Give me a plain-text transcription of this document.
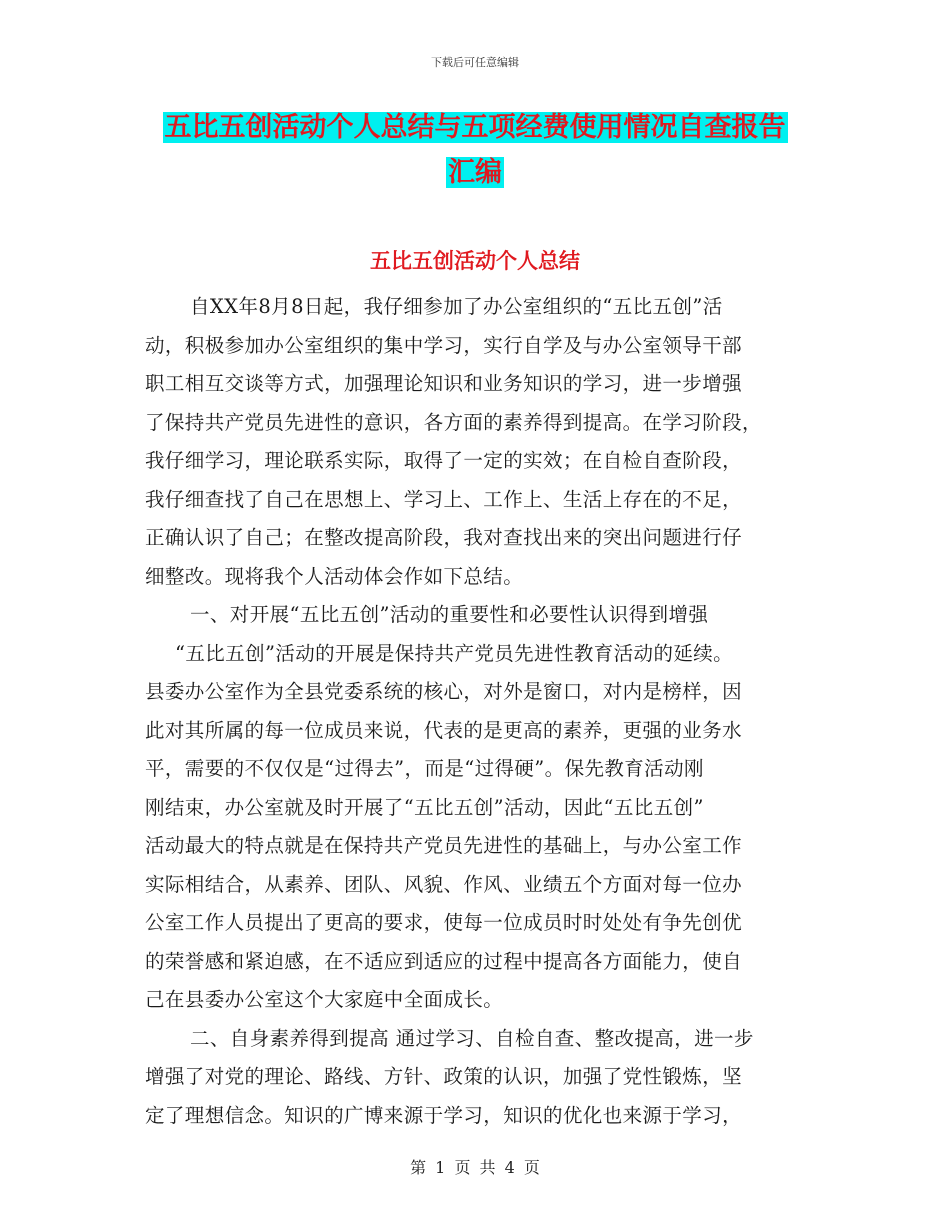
下载后可任意编辑
五比五创活动个人总结与五项经费使用情况自查报告
汇编
五比五创活动个人总结
自XX年8月8日起，我仔细参加了办公室组织的“五比五创”活
动，积极参加办公室组织的集中学习，实行自学及与办公室领导干部
职工相互交谈等方式，加强理论知识和业务知识的学习，进一步增强
了保持共产党员先进性的意识，各方面的素养得到提高。在学习阶段，
我仔细学习，理论联系实际，取得了一定的实效；在自检自查阶段，
我仔细查找了自己在思想上、学习上、工作上、生活上存在的不足，
正确认识了自己；在整改提高阶段，我对查找出来的突出问题进行仔
细整改。现将我个人活动体会作如下总结。
一、对开展“五比五创”活动的重要性和必要性认识得到增强
“五比五创”活动的开展是保持共产党员先进性教育活动的延续。
县委办公室作为全县党委系统的核心，对外是窗口，对内是榜样，因
此对其所属的每一位成员来说，代表的是更高的素养，更强的业务水
平，需要的不仅仅是“过得去”，而是“过得硬”。保先教育活动刚
刚结束，办公室就及时开展了“五比五创”活动，因此“五比五创”
活动最大的特点就是在保持共产党员先进性的基础上，与办公室工作
实际相结合，从素养、团队、风貌、作风、业绩五个方面对每一位办
公室工作人员提出了更高的要求，使每一位成员时时处处有争先创优
的荣誉感和紧迫感，在不适应到适应的过程中提高各方面能力，使自
己在县委办公室这个大家庭中全面成长。
二、自身素养得到提高 通过学习、自检自查、整改提高，进一步
增强了对党的理论、路线、方针、政策的认识，加强了党性锻炼，坚
定了理想信念。知识的广博来源于学习，知识的优化也来源于学习，
第 1 页 共 4 页
